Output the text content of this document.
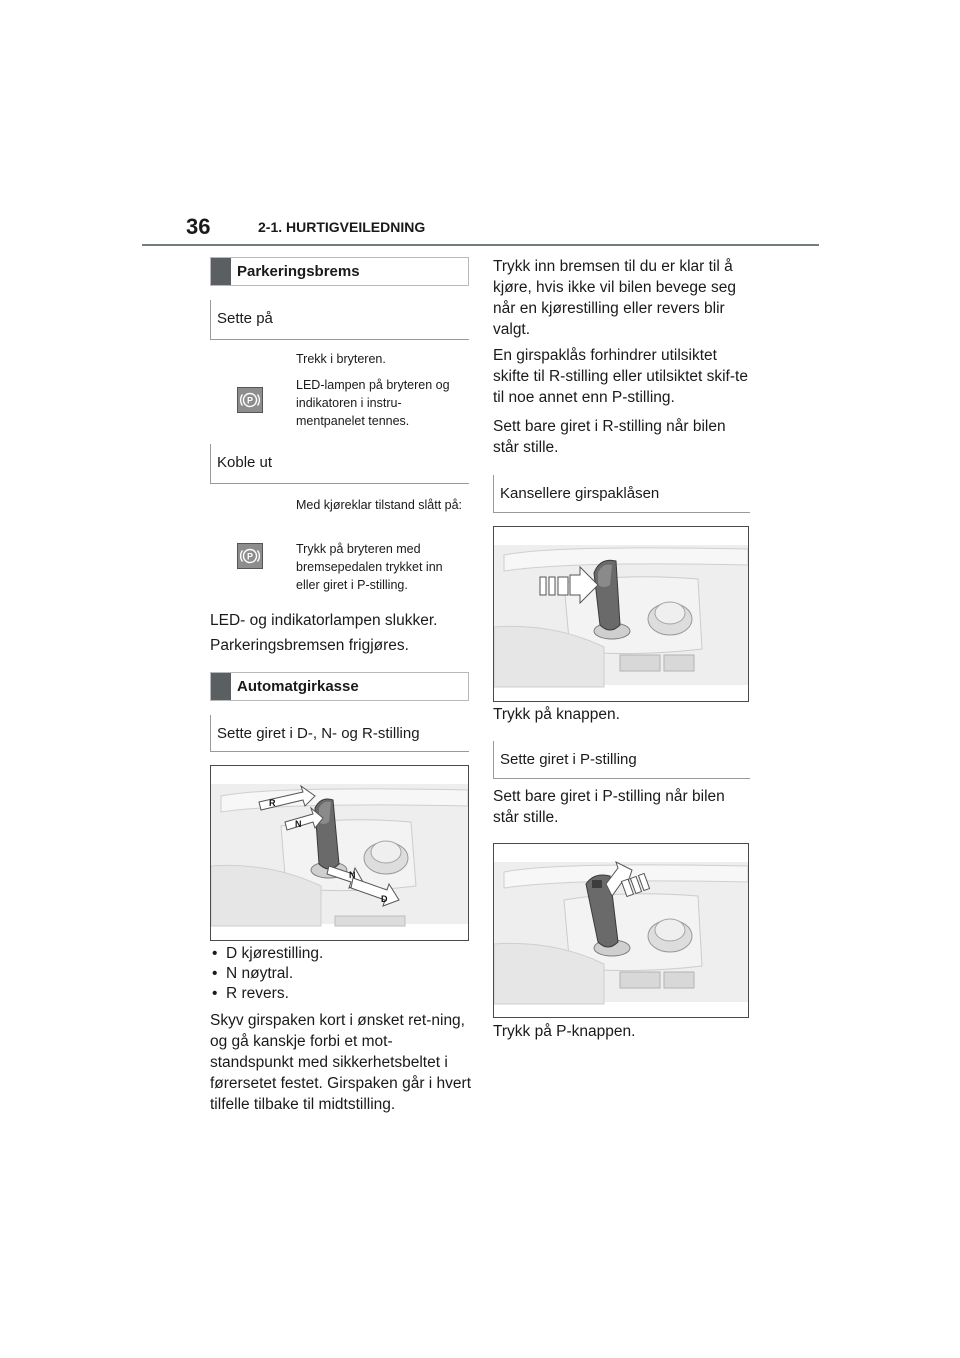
36	2-1. HURTIGVEILEDNING
Parkeringsbrems
Sette på
P
Trekk i bryteren.
LED-lampen på bryteren og indikatoren i instru-mentpanelet tennes.
Koble ut
P
Med kjøreklar tilstand slått på:
Trykk på bryteren med bremsepedalen trykket inn eller giret i P-stilling.
LED- og indikatorlampen slukker.
Parkeringsbremsen frigjøres.
Automatgirkasse
Sette giret i D-, N- og R-stilling
R
N
N
D
• D kjørestilling.
• N nøytral.
• R revers.

Skyv girspaken kort i ønsket ret-ning, og gå kanskje forbi et mot-standspunkt med sikkerhetsbeltet i førersetet festet. Girspaken går i hvert tilfelle tilbake til midtstilling.

Trykk inn bremsen til du er klar til å kjøre, hvis ikke vil bilen bevege seg når en kjørestilling eller revers blir valgt.

En girspaklås forhindrer utilsiktet skifte til R-stilling eller utilsiktet skif-te til noe annet enn P-stilling.

Sett bare giret i R-stilling når bilen står stille.

Kansellere girspaklåsen
Trykk på knappen.
Sette giret i P-stilling

Sett bare giret i P-stilling når bilen står stille.

Trykk på P-knappen.
